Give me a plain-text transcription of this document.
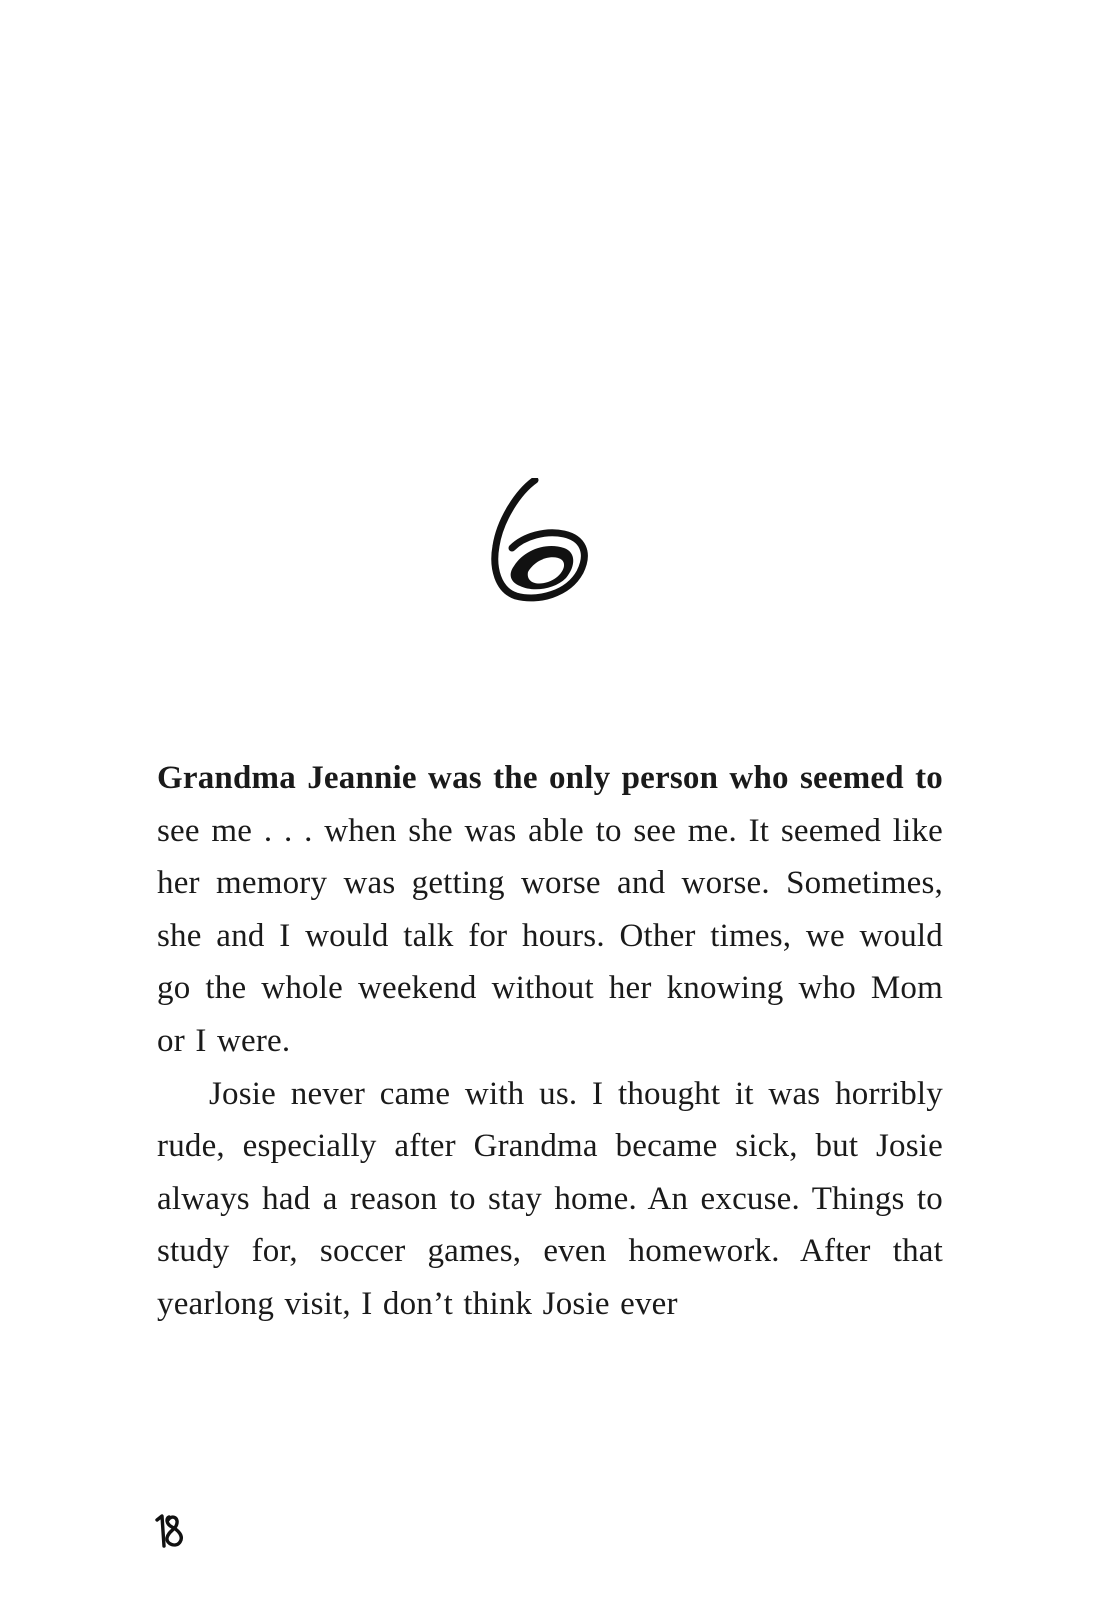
Grandma Jeannie was the only person who seemed to see me . . . when she was able to see me. It seemed like her memory was getting worse and worse. Sometimes, she and I would talk for hours. Other times, we would go the whole weekend without her knowing who Mom or I were.

Josie never came with us. I thought it was horribly rude, especially after Grandma became sick, but Josie always had a reason to stay home. An excuse. Things to study for, soccer games, even homework. After that yearlong visit, I don’t think Josie ever
